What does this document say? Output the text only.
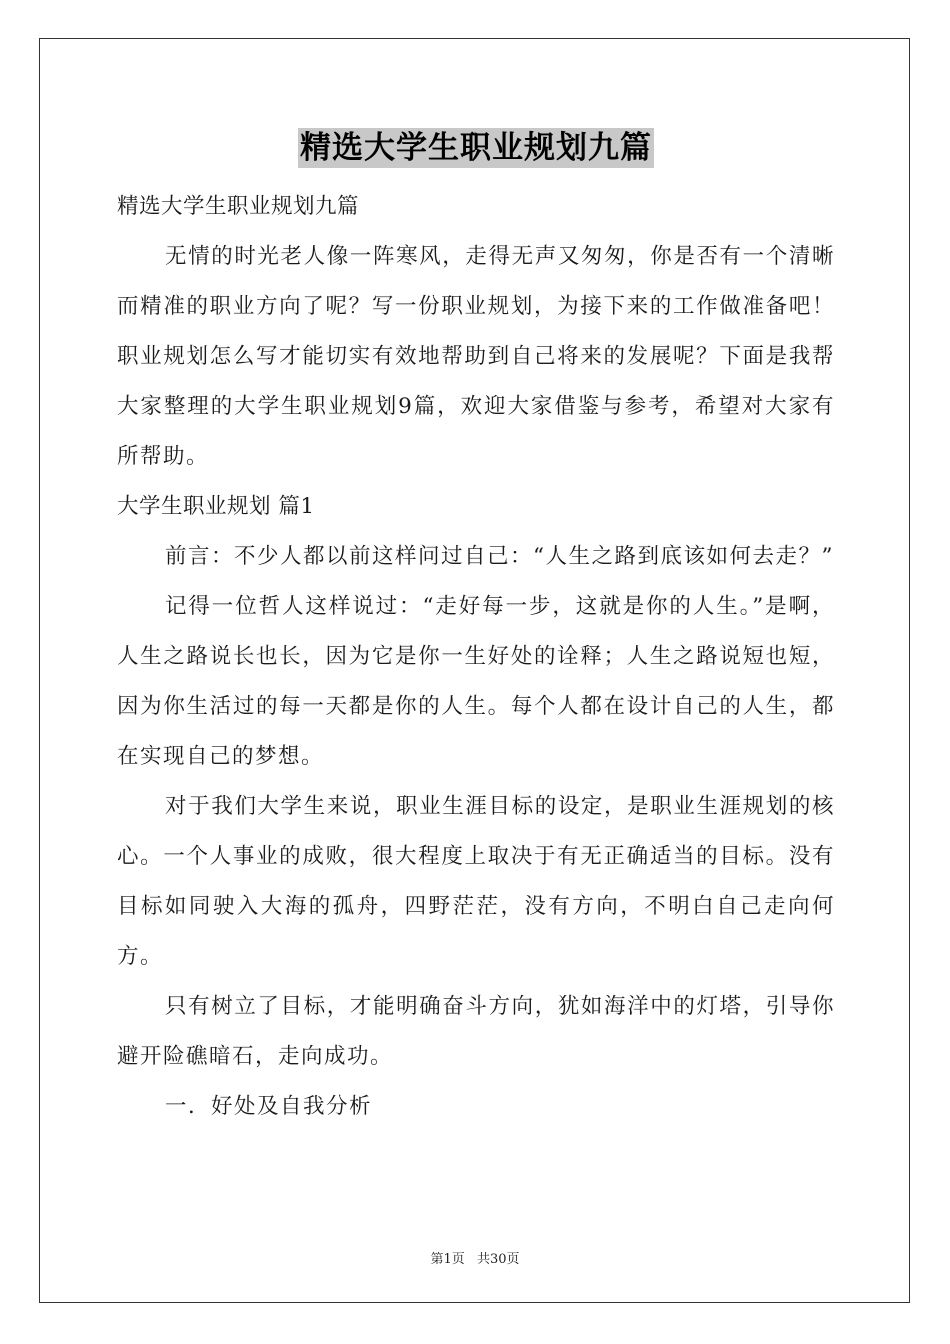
精选大学生职业规划九篇

精选大学生职业规划九篇

无情的时光老人像一阵寒风，走得无声又匆匆，你是否有一个清晰而精准的职业方向了呢？写一份职业规划，为接下来的工作做准备吧！职业规划怎么写才能切实有效地帮助到自己将来的发展呢？下面是我帮大家整理的大学生职业规划9篇，欢迎大家借鉴与参考，希望对大家有所帮助。

大学生职业规划 篇1

前言：不少人都以前这样问过自己：“人生之路到底该如何去走？”

记得一位哲人这样说过：“走好每一步，这就是你的人生。”是啊，人生之路说长也长，因为它是你一生好处的诠释；人生之路说短也短，因为你生活过的每一天都是你的人生。每个人都在设计自己的人生，都在实现自己的梦想。

对于我们大学生来说，职业生涯目标的设定，是职业生涯规划的核心。一个人事业的成败，很大程度上取决于有无正确适当的目标。没有目标如同驶入大海的孤舟，四野茫茫，没有方向，不明白自己走向何方。

只有树立了目标，才能明确奋斗方向，犹如海洋中的灯塔，引导你避开险礁暗石，走向成功。

一．好处及自我分析

第1页 共30页
